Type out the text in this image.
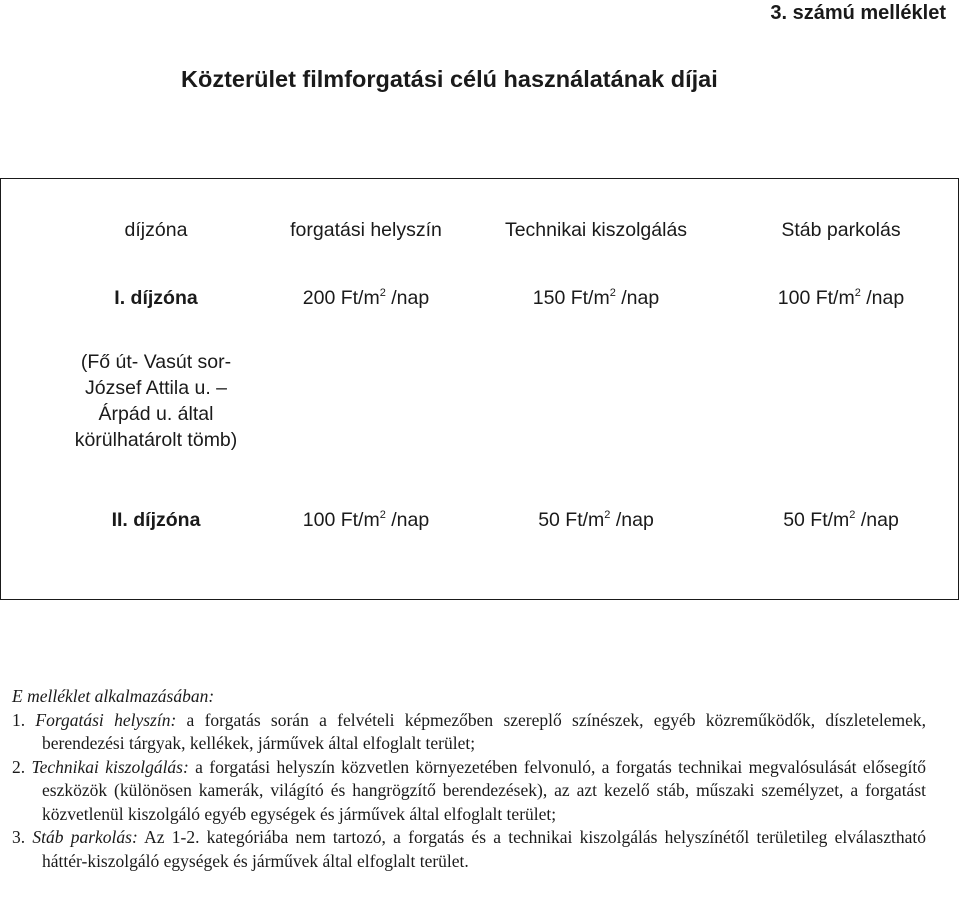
3. számú melléklet
Közterület filmforgatási célú használatának díjai
díjzóna	forgatási helyszín	Technikai kiszolgálás	Stáb parkolás
I. díjzóna	200 $Ft/m^2$ /nap	150 $Ft/m^2$ /nap	100 $Ft/m^2$ /nap
(Fő út- Vasút sor- József Attila u. – Árpád u. által körülhatárolt tömb)
II. díjzóna	100 $Ft/m^2$ /nap	50 $Ft/m^2$ /nap	50 $Ft/m^2$ /nap
E melléklet alkalmazásában:
1. Forgatási helyszín: a forgatás során a felvételi képmezőben szereplő színészek, egyéb közreműködők, díszletelemek, berendezési tárgyak, kellékek, járművek által elfoglalt terület;
2. Technikai kiszolgálás: a forgatási helyszín közvetlen környezetében felvonuló, a forgatás technikai megvalósulását elősegítő eszközök (különösen kamerák, világító és hangrögzítő berendezések), az azt kezelő stáb, műszaki személyzet, a forgatást közvetlenül kiszolgáló egyéb egységek és járművek által elfoglalt terület;
3. Stáb parkolás: Az 1-2. kategóriába nem tartozó, a forgatás és a technikai kiszolgálás helyszínétől területileg elválasztható háttér-kiszolgáló egységek és járművek által elfoglalt terület.
